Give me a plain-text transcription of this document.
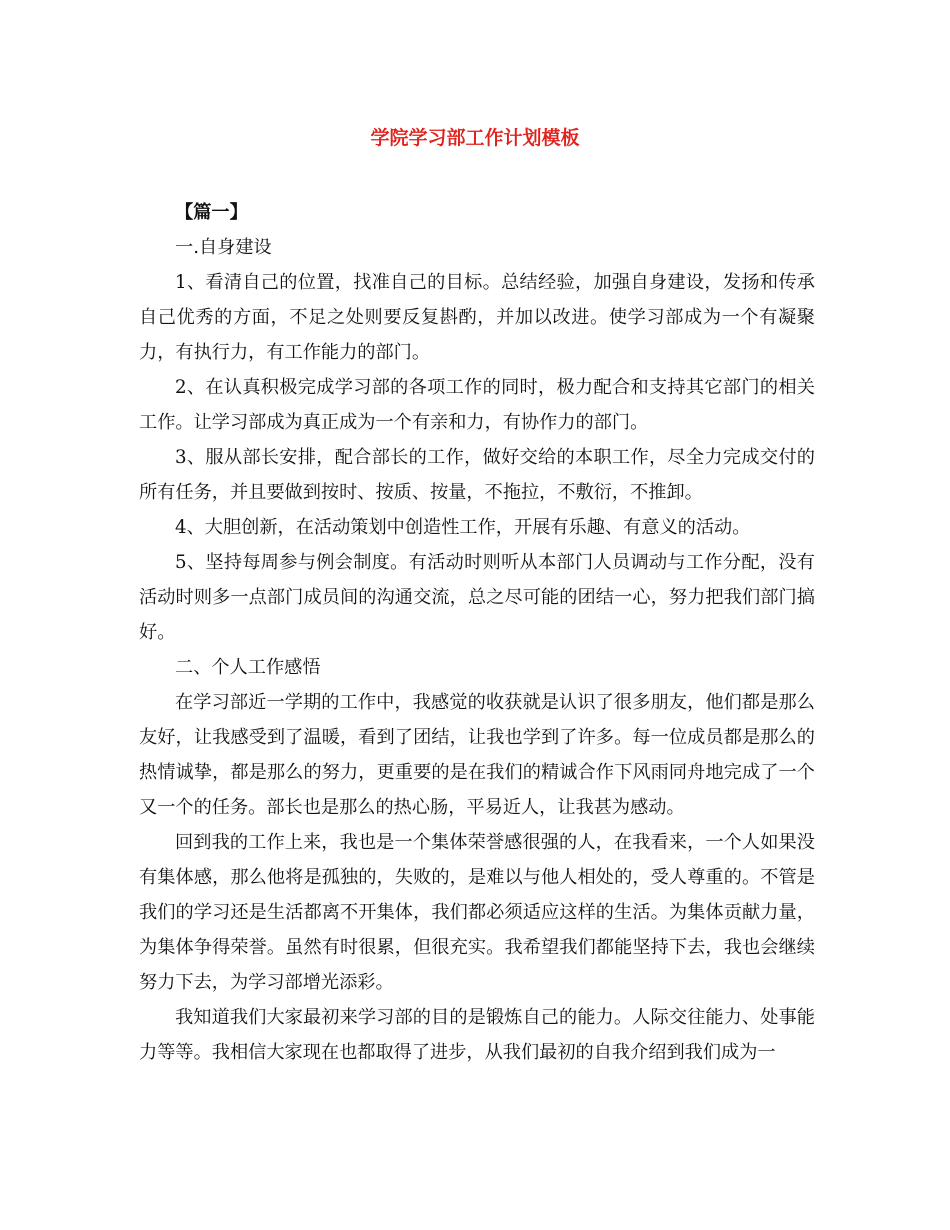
学院学习部工作计划模板

【篇一】

一.自身建设

1、看清自己的位置，找准自己的目标。总结经验，加强自身建设，发扬和传承自己优秀的方面，不足之处则要反复斟酌，并加以改进。使学习部成为一个有凝聚力，有执行力，有工作能力的部门。

2、在认真积极完成学习部的各项工作的同时，极力配合和支持其它部门的相关工作。让学习部成为真正成为一个有亲和力，有协作力的部门。

3、服从部长安排，配合部长的工作，做好交给的本职工作，尽全力完成交付的所有任务，并且要做到按时、按质、按量，不拖拉，不敷衍，不推卸。

4、大胆创新，在活动策划中创造性工作，开展有乐趣、有意义的活动。

5、坚持每周参与例会制度。有活动时则听从本部门人员调动与工作分配，没有活动时则多一点部门成员间的沟通交流，总之尽可能的团结一心，努力把我们部门搞好。

二、个人工作感悟

在学习部近一学期的工作中，我感觉的收获就是认识了很多朋友，他们都是那么友好，让我感受到了温暖，看到了团结，让我也学到了许多。每一位成员都是那么的热情诚挚，都是那么的努力，更重要的是在我们的精诚合作下风雨同舟地完成了一个又一个的任务。部长也是那么的热心肠，平易近人，让我甚为感动。

回到我的工作上来，我也是一个集体荣誉感很强的人，在我看来，一个人如果没有集体感，那么他将是孤独的，失败的，是难以与他人相处的，受人尊重的。不管是我们的学习还是生活都离不开集体，我们都必须适应这样的生活。为集体贡献力量，为集体争得荣誉。虽然有时很累，但很充实。我希望我们都能坚持下去，我也会继续努力下去，为学习部增光添彩。

我知道我们大家最初来学习部的目的是锻炼自己的能力。人际交往能力、处事能力等等。我相信大家现在也都取得了进步，从我们最初的自我介绍到我们成为一
